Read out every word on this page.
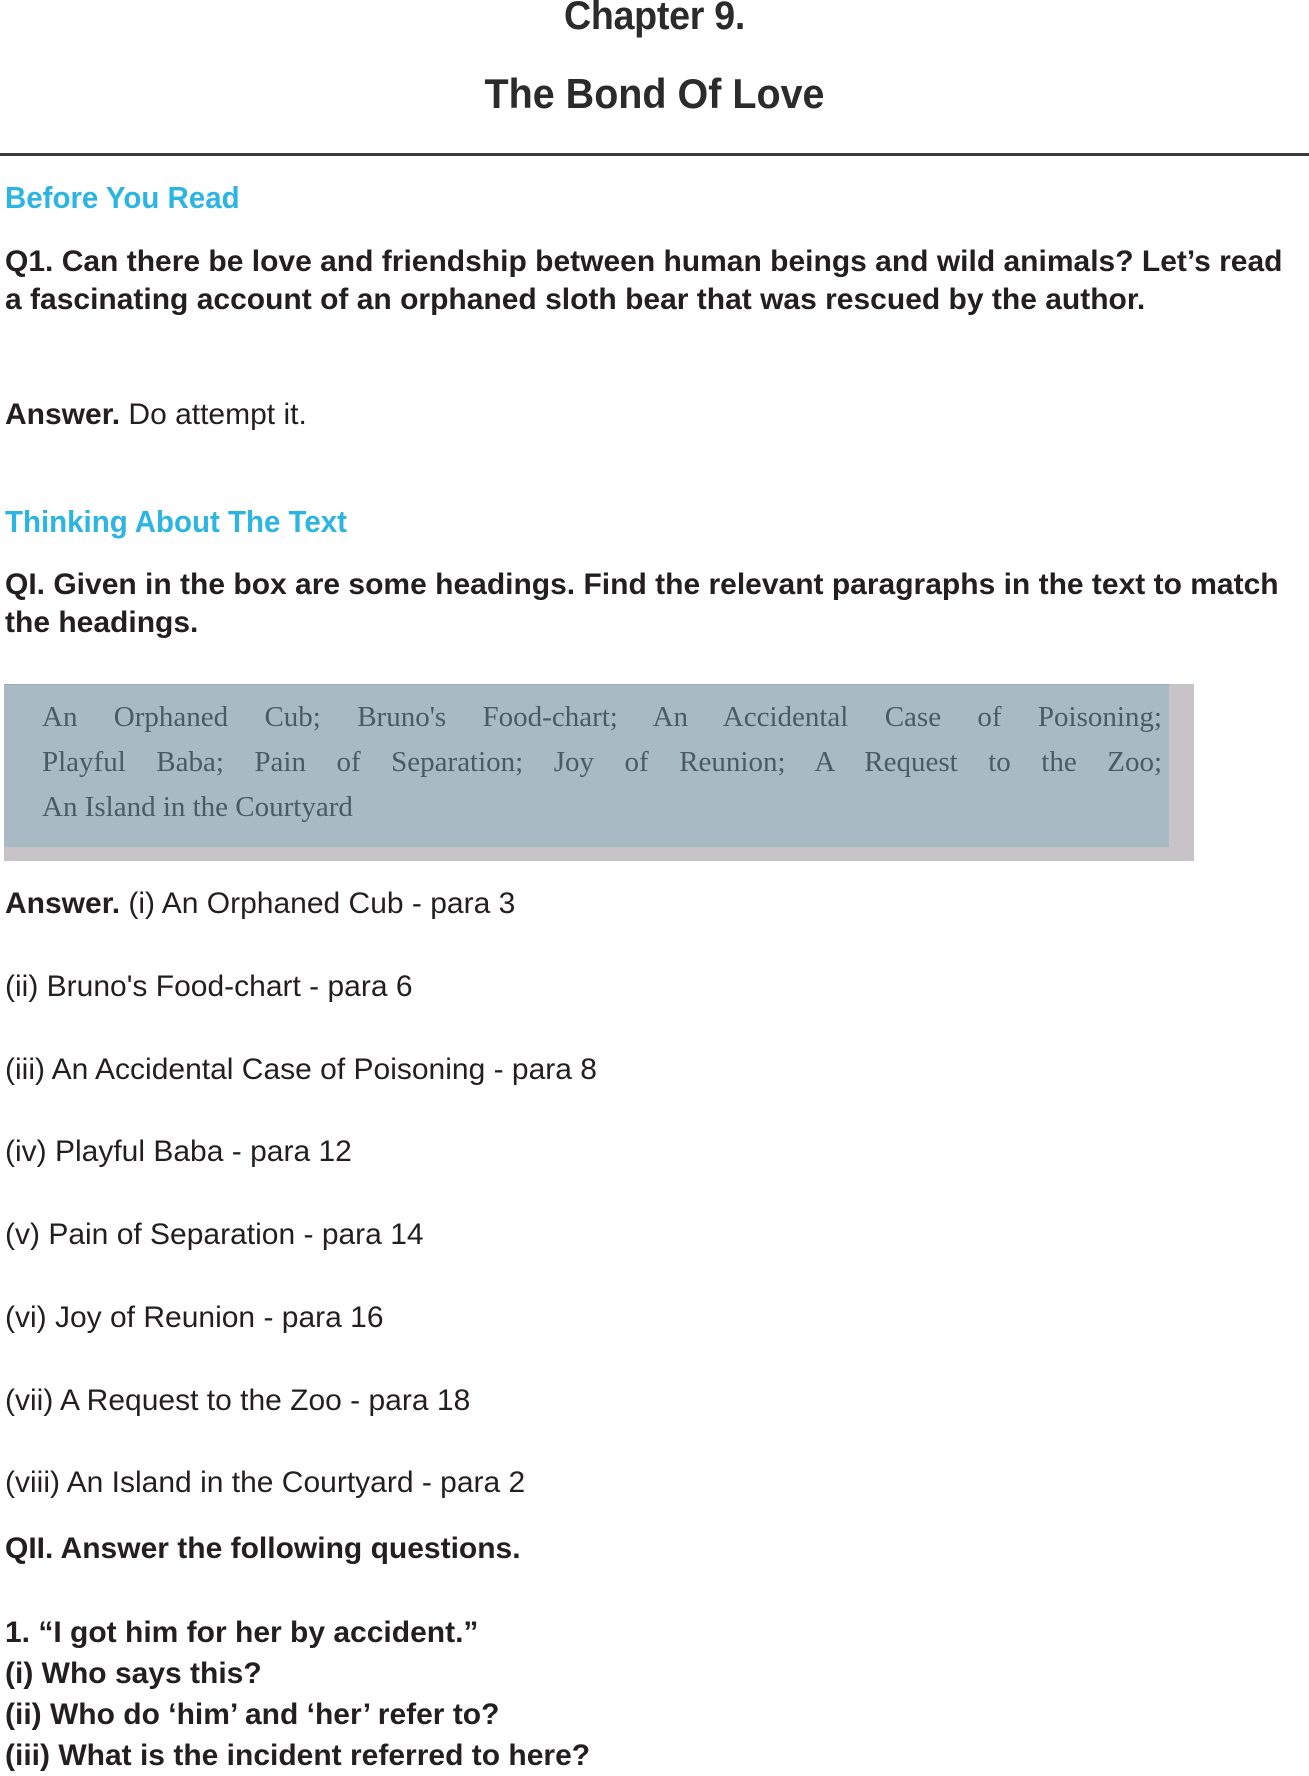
Chapter 9.
The Bond Of Love
Before You Read
Q1. Can there be love and friendship between human beings and wild animals? Let’s read a fascinating account of an orphaned sloth bear that was rescued by the author.
Answer. Do attempt it.
Thinking About The Text
QI. Given in the box are some headings. Find the relevant paragraphs in the text to match the headings.
An Orphaned Cub; Bruno's Food-chart; An Accidental Case of Poisoning;
Playful Baba; Pain of Separation; Joy of Reunion; A Request to the Zoo;
An Island in the Courtyard
Answer. (i) An Orphaned Cub - para 3
(ii) Bruno's Food-chart - para 6
(iii) An Accidental Case of Poisoning - para 8
(iv) Playful Baba - para 12
(v) Pain of Separation - para 14
(vi) Joy of Reunion - para 16
(vii) A Request to the Zoo - para 18
(viii) An Island in the Courtyard - para 2
QII. Answer the following questions.
1. “I got him for her by accident.”
(i) Who says this?
(ii) Who do ‘him’ and ‘her’ refer to?
(iii) What is the incident referred to here?
